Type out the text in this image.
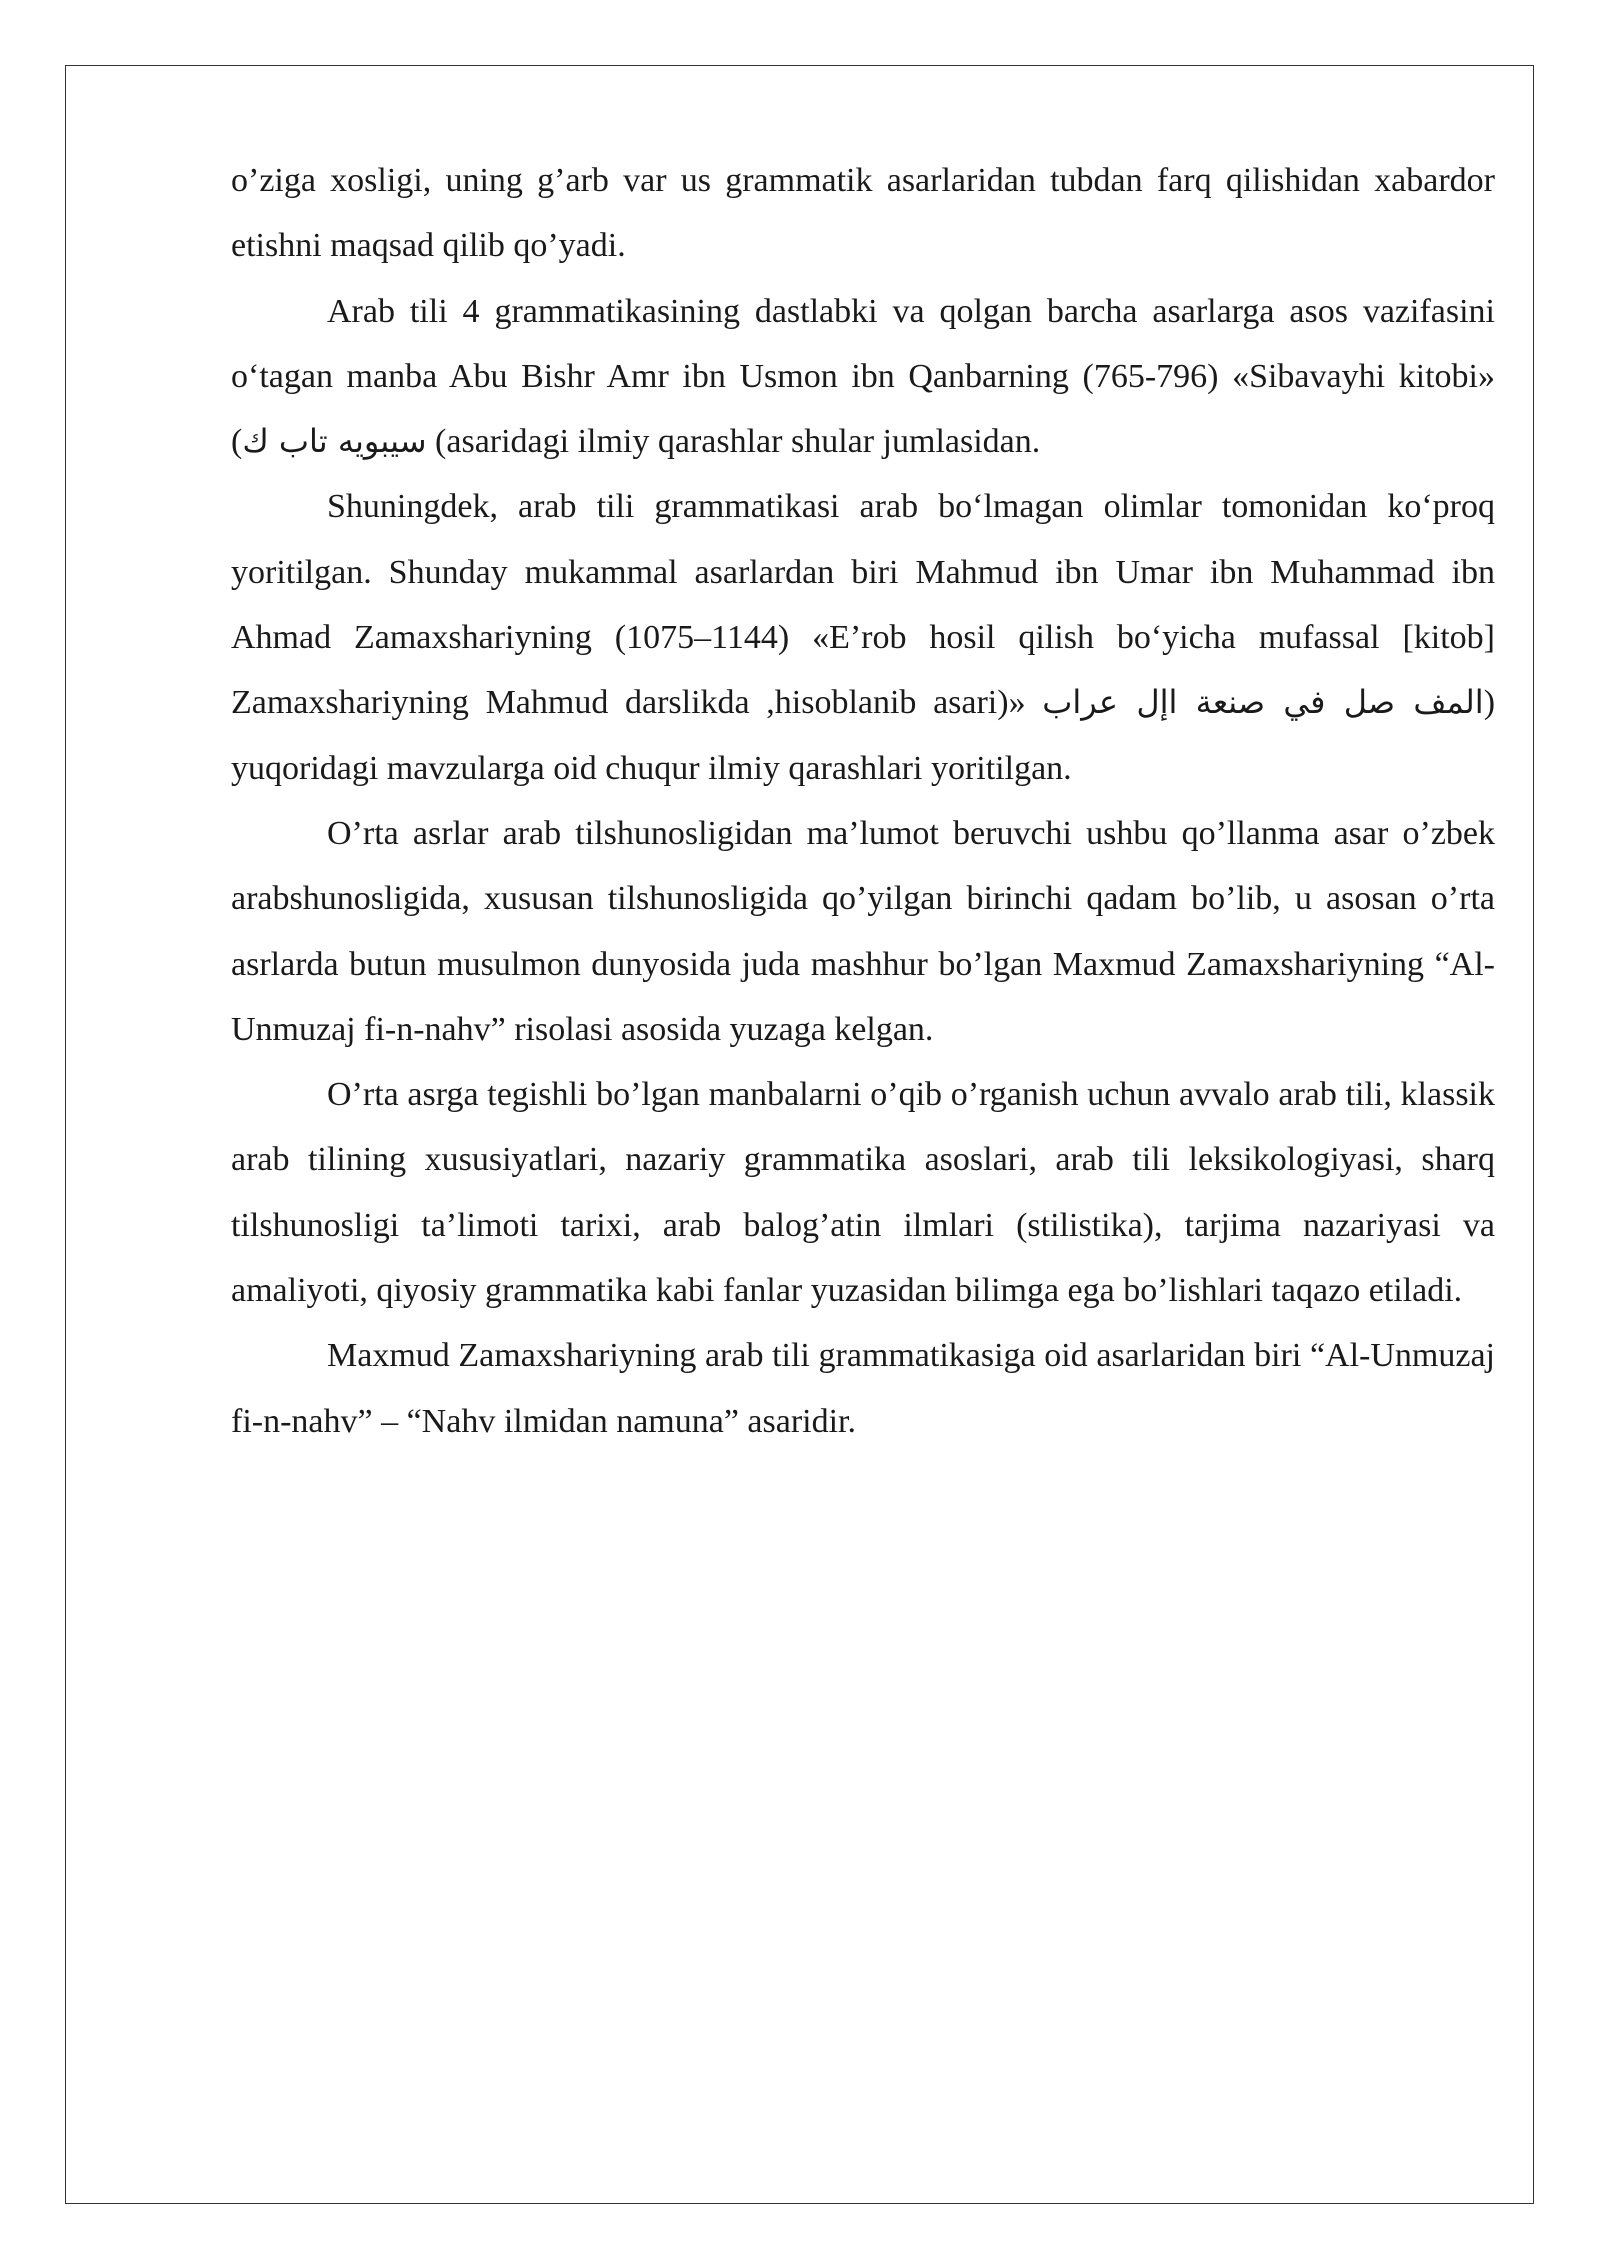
o’ziga xosligi, uning g’arb var us grammatik asarlaridan tubdan farq qilishidan xabardor etishni maqsad qilib qo’yadi.

Arab tili 4 grammatikasining dastlabki va qolgan barcha asarlarga asos vazifasini oʻtagan manba Abu Bishr Amr ibn Usmon ibn Qanbarning (765-796) «Sibavayhi kitobi» (سيبويه تاب ك (asaridagi ilmiy qarashlar shular jumlasidan.

Shuningdek, arab tili grammatikasi arab boʻlmagan olimlar tomonidan koʻproq yoritilgan. Shunday mukammal asarlardan biri Mahmud ibn Umar ibn Muhammad ibn Ahmad Zamaxshariyning (1075–1144) «E’rob hosil qilish boʻyicha mufassal [kitob] Zamaxshariyning Mahmud darslikda ,hisoblanib asari)» المف صل في صنعة اإل عراب) yuqoridagi mavzularga oid chuqur ilmiy qarashlari yoritilgan.

O’rta asrlar arab tilshunosligidan ma’lumot beruvchi ushbu qo’llanma asar o’zbek arabshunosligida, xususan tilshunosligida qo’yilgan birinchi qadam bo’lib, u asosan o’rta asrlarda butun musulmon dunyosida juda mashhur bo’lgan Maxmud Zamaxshariyning “Al-Unmuzaj fi-n-nahv” risolasi asosida yuzaga kelgan.

O’rta asrga tegishli bo’lgan manbalarni o’qib o’rganish uchun avvalo arab tili, klassik arab tilining xususiyatlari, nazariy grammatika asoslari, arab tili leksikologiyasi, sharq tilshunosligi ta’limoti tarixi, arab balog’atin ilmlari (stilistika), tarjima nazariyasi va amaliyoti, qiyosiy grammatika kabi fanlar yuzasidan bilimga ega bo’lishlari taqazo etiladi.

Maxmud Zamaxshariyning arab tili grammatikasiga oid asarlaridan biri “Al-Unmuzaj fi-n-nahv” – “Nahv ilmidan namuna” asaridir.
